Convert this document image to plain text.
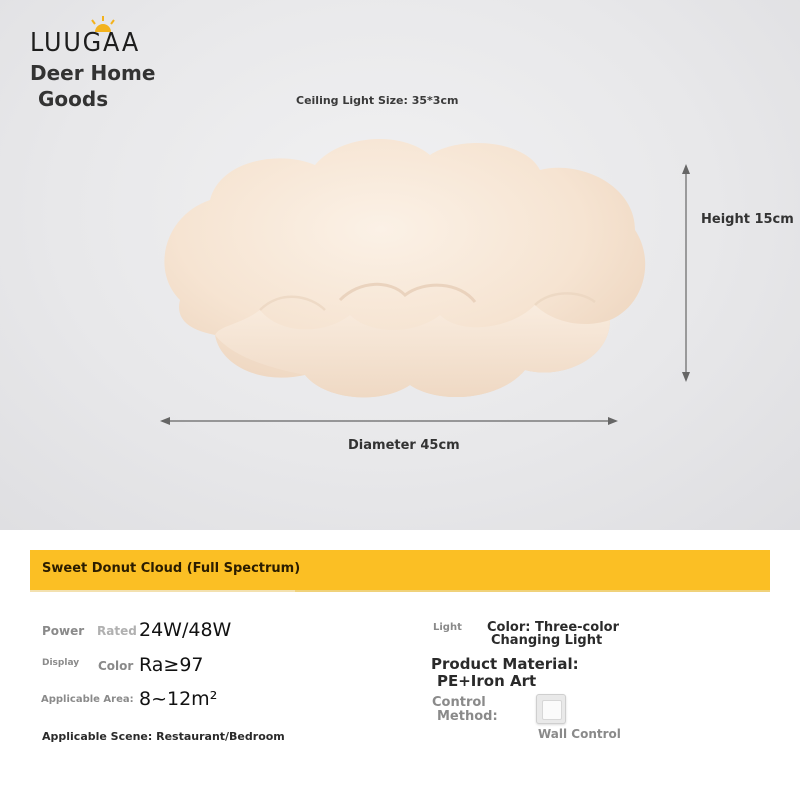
LUUGAA
Deer Home
Goods	Ceiling Light Size: 35*3cm
Height 15cm
Diameter 45cm
Sweet Donut Cloud (Full Spectrum)
Power Rated 24W/48W
Display Color Ra≥97
Applicable Area: 8~12m²
Applicable Scene: Restaurant/Bedroom
Light Color: Three-color
Changing Light
Product Material:
PE+Iron Art
Control
Method:
Wall Control
